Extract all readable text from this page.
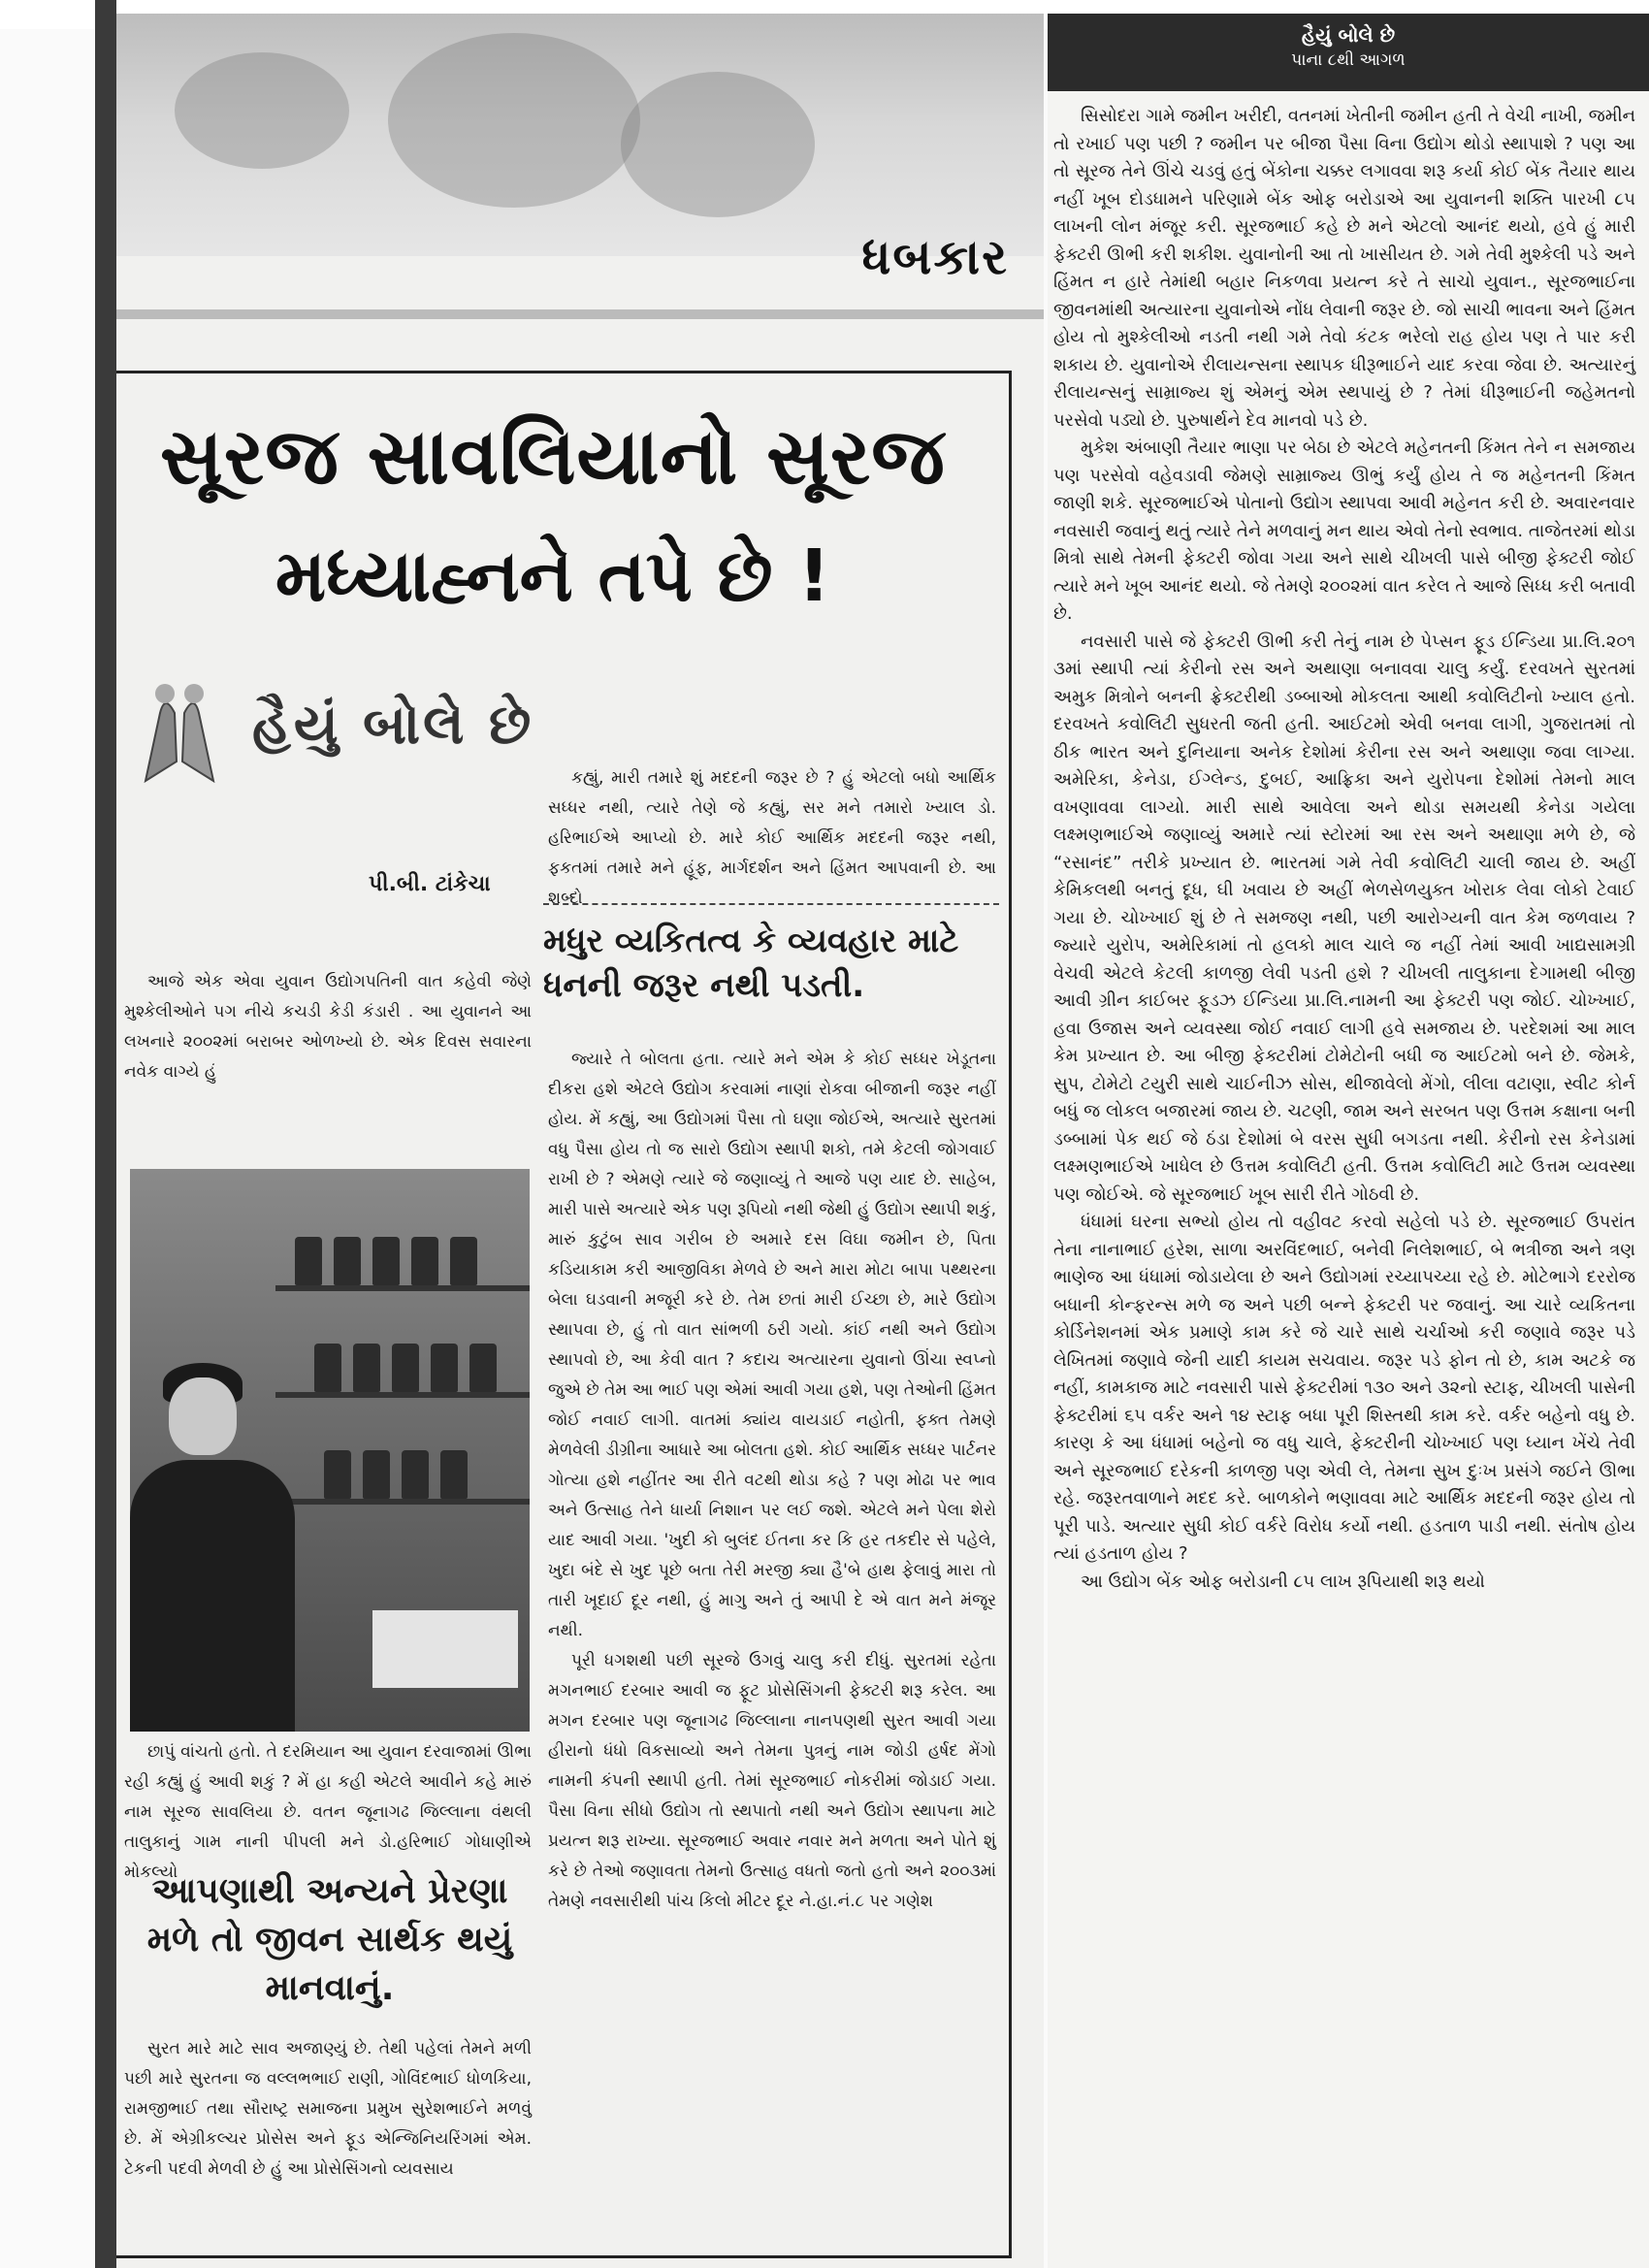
ધબકાર
સૂરજ સાવલિયાનો સૂરજ
મધ્યાહ્નને તપે છે !
હૈયું બોલે છે
પી.બી. ટાંકેચા

આજે એક એવા યુવાન ઉદ્યોગપતિની વાત કહેવી જેણે મુશ્કેલીઓને પગ નીચે કચડી કેડી કંડારી . આ યુવાનને આ લખનારે ૨૦૦૨માં બરાબર ઓળખ્યો છે. એક દિવસ સવારના નવેક વાગ્યે હું

છાપું વાંચતો હતો. તે દરમિયાન આ યુવાન દરવાજામાં ઊભા રહી કહ્યું હું આવી શકું ? મેં હા કહી એટલે આવીને કહે મારું નામ સૂરજ સાવલિયા છે. વતન જૂનાગઢ જિલ્લાના વંથલી તાલુકાનું ગામ નાની પીપલી મને ડો.હરિભાઈ ગોધાણીએ મોકલ્યો

આપણાથી અન્યને પ્રેરણા મળે તો જીવન સાર્થક થયું માનવાનું.

સુરત મારે માટે સાવ અજાણ્યું છે. તેથી પહેલાં તેમને મળી પછી મારે સુરતના જ વલ્લભભાઈ રાણી, ગોવિંદભાઈ ધોળકિયા, રામજીભાઈ તથા સૌરાષ્ટ્ર સમાજના પ્રમુખ સુરેશભાઈને મળવું છે. મેં એગ્રીકલ્ચર પ્રોસેસ અને ફૂડ એન્જિનિયરિંગમાં એમ. ટેકની પદવી મેળવી છે હું આ પ્રોસેસિંગનો વ્યવસાય

કહ્યું, મારી તમારે શું મદદની જરૂર છે ? હું એટલો બધો આર્થિક સધ્ધર નથી, ત્યારે તેણે જે કહ્યું, સર મને તમારો ખ્યાલ ડો. હરિભાઈએ આપ્યો છે. મારે કોઈ આર્થિક મદદની જરૂર નથી, ફકતમાં તમારે મને હૂંફ, માર્ગદર્શન અને હિંમત આપવાની છે. આ શબ્દો

મધુર વ્યકિતત્વ કે વ્યવહાર માટે ધનની જરૂર નથી પડતી.

જ્યારે તે બોલતા હતા. ત્યારે મને એમ કે કોઈ સધ્ધર ખેડૂતના દીકરા હશે એટલે ઉદ્યોગ કરવામાં નાણાં રોકવા બીજાની જરૂર નહીં હોય. મેં કહ્યું, આ ઉદ્યોગમાં પૈસા તો ઘણા જોઈએ, અત્યારે સુરતમાં વધુ પૈસા હોય તો જ સારો ઉદ્યોગ સ્થાપી શકો, તમે કેટલી જોગવાઈ રાખી છે ? એમણે ત્યારે જે જણાવ્યું તે આજે પણ યાદ છે. સાહેબ, મારી પાસે અત્યારે એક પણ રૂપિયો નથી જેથી હું ઉદ્યોગ સ્થાપી શકું, મારું કુટુંબ સાવ ગરીબ છે અમારે દસ વિઘા જમીન છે, પિતા કડિયાકામ કરી આજીવિકા મેળવે છે અને મારા મોટા બાપા પથ્થરના બેલા ઘડવાની મજૂરી કરે છે. તેમ છતાં મારી ઈચ્છા છે, મારે ઉદ્યોગ સ્થાપવા છે, હું તો વાત સાંભળી ઠરી ગયો. કાંઈ નથી અને ઉદ્યોગ સ્થાપવો છે, આ કેવી વાત ? કદાચ અત્યારના યુવાનો ઊંચા સ્વપ્નો જુએ છે તેમ આ ભાઈ પણ એમાં આવી ગયા હશે, પણ તેઓની હિંમત જોઈ નવાઈ લાગી. વાતમાં ક્યાંય વાયડાઈ નહોતી, ફક્ત તેમણે મેળવેલી ડીગ્રીના આધારે આ બોલતા હશે. કોઈ આર્થિક સધ્ધર પાર્ટનર ગોત્યા હશે નહીંતર આ રીતે વટથી થોડા કહે ? પણ મોઢા પર ભાવ અને ઉત્સાહ તેને ધાર્યા નિશાન પર લઈ જશે. એટલે મને પેલા શેરો યાદ આવી ગયા. 'ખુદી કો બુલંદ ઈતના કર કિ હર તકદીર સે પહેલે, ખુદા બંદે સે ખુદ પૂછે બતા તેરી મરજી ક્યા હૈ'બે હાથ ફેલાવું મારા તો તારી ખૂદાઈ દૂર નથી, હું માગુ અને તું આપી દે એ વાત મને મંજૂર નથી.

પૂરી ધગશથી પછી સૂરજે ઉગવું ચાલુ કરી દીધું. સુરતમાં રહેતા મગનભાઈ દરબાર આવી જ ફૂટ પ્રોસેસિંગની ફેક્ટરી શરૂ કરેલ. આ મગન દરબાર પણ જૂનાગઢ જિલ્લાના નાનપણથી સુરત આવી ગયા હીરાનો ધંધો વિકસાવ્યો અને તેમના પુત્રનું નામ જોડી હર્ષદ મેંગો નામની કંપની સ્થાપી હતી. તેમાં સૂરજભાઈ નોકરીમાં જોડાઈ ગયા. પૈસા વિના સીધો ઉદ્યોગ તો સ્થપાતો નથી અને ઉદ્યોગ સ્થાપના માટે પ્રયત્ન શરૂ રાખ્યા. સૂરજભાઈ અવાર નવાર મને મળતા અને પોતે શું કરે છે તેઓ જણાવતા તેમનો ઉત્સાહ વધતો જતો હતો અને ૨૦૦૩માં તેમણે નવસારીથી પાંચ કિલો મીટર દૂર ને.હા.નં.૮ પર ગણેશ

હૈયું બોલે છે
પાના ૮થી આગળ

સિસોદરા ગામે જમીન ખરીદી, વતનમાં ખેતીની જમીન હતી તે વેચી નાખી, જમીન તો રખાઈ પણ પછી ? જમીન પર બીજા પૈસા વિના ઉદ્યોગ થોડો સ્થાપાશે ? પણ આ તો સૂરજ તેને ઊંચે ચડવું હતું બેંકોના ચક્કર લગાવવા શરૂ કર્યા કોઈ બેંક તૈયાર થાય નહીં ખૂબ દોડધામને પરિણામે બેંક ઓફ બરોડાએ આ યુવાનની શક્તિ પારખી ૮૫ લાખની લોન મંજૂર કરી. સૂરજભાઈ કહે છે મને એટલો આનંદ થયો, હવે હું મારી ફેક્ટરી ઊભી કરી શકીશ. યુવાનોની આ તો ખાસીયત છે. ગમે તેવી મુશ્કેલી પડે અને હિંમત ન હારે તેમાંથી બહાર નિકળવા પ્રયત્ન કરે તે સાચો યુવાન., સૂરજભાઈના જીવનમાંથી અત્યારના યુવાનોએ નોંધ લેવાની જરૂર છે. જો સાચી ભાવના અને હિંમત હોય તો મુશ્કેલીઓ નડતી નથી ગમે તેવો કંટક ભરેલો રાહ હોય પણ તે પાર કરી શકાય છે. યુવાનોએ રીલાયન્સના સ્થાપક ધીરૂભાઈને યાદ કરવા જેવા છે. અત્યારનું રીલાયન્સનું સામ્રાજ્ય શું એમનું એમ સ્થપાયું છે ? તેમાં ધીરૂભાઈની જહેમતનો પરસેવો પડ્યો છે. પુરુષાર્થને દેવ માનવો પડે છે.

મુકેશ અંબાણી તૈયાર ભાણા પર બેઠા છે એટલે મહેનતની કિંમત તેને ન સમજાય પણ પરસેવો વહેવડાવી જેમણે સામ્રાજ્ય ઊભું કર્યું હોય તે જ મહેનતની કિંમત જાણી શકે. સૂરજભાઈએ પોતાનો ઉદ્યોગ સ્થાપવા આવી મહેનત કરી છે. અવારનવાર નવસારી જવાનું થતું ત્યારે તેને મળવાનું મન થાય એવો તેનો સ્વભાવ. તાજેતરમાં થોડા મિત્રો સાથે તેમની ફેક્ટરી જોવા ગયા અને સાથે ચીખલી પાસે બીજી ફેક્ટરી જોઈ ત્યારે મને ખૂબ આનંદ થયો. જે તેમણે ૨૦૦૨માં વાત કરેલ તે આજે સિધ્ધ કરી બતાવી છે.

નવસારી પાસે જે ફેક્ટરી ઊભી કરી તેનું નામ છે પેપ્સન ફૂડ ઈન્ડિયા પ્રા.લિ.૨૦૧ ૩માં સ્થાપી ત્યાં કેરીનો રસ અને અથાણા બનાવવા ચાલુ કર્યું. દરવખતે સુરતમાં અમુક મિત્રોને બનની ફ્રેક્ટરીથી ડબ્બાઓ મોકલતા આથી કવોલિટીનો ખ્યાલ હતો. દરવખતે કવોલિટી સુધરતી જતી હતી. આઈટમો એવી બનવા લાગી, ગુજરાતમાં તો ઠીક ભારત અને દુનિયાના અનેક દેશોમાં કેરીના રસ અને અથાણા જવા લાગ્યા. અમેરિકા, કેનેડા, ઈગ્લેન્ડ, દુબઈ, આફ્રિકા અને યુરોપના દેશોમાં તેમનો માલ વખણાવવા લાગ્યો. મારી સાથે આવેલા અને થોડા સમયથી કેનેડા ગયેલા લક્ષ્મણભાઈએ જણાવ્યું અમારે ત્યાં સ્ટોરમાં આ રસ અને અથાણા મળે છે, જે “રસાનંદ” તરીકે પ્રખ્યાત છે. ભારતમાં ગમે તેવી કવોલિટી ચાલી જાય છે. અહીં કેમિકલથી બનતું દૂધ, ઘી ખવાય છે અહીં ભેળસેળયુક્ત ખોરાક લેવા લોકો ટેવાઈ ગયા છે. ચોખ્ખાઈ શું છે તે સમજણ નથી, પછી આરોગ્યની વાત કેમ જળવાય ? જ્યારે યુરોપ, અમેરિકામાં તો હલકો માલ ચાલે જ નહીં તેમાં આવી ખાદ્યસામગ્રી વેચવી એટલે કેટલી કાળજી લેવી પડતી હશે ? ચીખલી તાલુકાના દેગામથી બીજી આવી ગ્રીન કાઈબર ફૂડઝ ઈન્ડિયા પ્રા.લિ.નામની આ ફેક્ટરી પણ જોઈ. ચોખ્ખાઈ, હવા ઉજાસ અને વ્યવસ્થા જોઈ નવાઈ લાગી હવે સમજાય છે. પરદેશમાં આ માલ કેમ પ્રખ્યાત છે. આ બીજી ફેક્ટરીમાં ટોમેટોની બધી જ આઈટમો બને છે. જેમકે, સુપ, ટોમેટો ટયુરી સાથે ચાઈનીઝ સોસ, થીજાવેલો મેંગો, લીલા વટાણા, સ્વીટ કોર્ન બધું જ લોકલ બજારમાં જાય છે. ચટણી, જામ અને સરબત પણ ઉત્તમ કક્ષાના બની ડબ્બામાં પેક થઈ જે ઠંડા દેશોમાં બે વરસ સુધી બગડતા નથી. કેરીનો રસ કેનેડામાં લક્ષ્મણભાઈએ ખાધેલ છે ઉત્તમ કવોલિટી હતી. ઉત્તમ કવોલિટી માટે ઉત્તમ વ્યવસ્થા પણ જોઈએ. જે સૂરજભાઈ ખૂબ સારી રીતે ગોઠવી છે.

ધંધામાં ઘરના સભ્યો હોય તો વહીવટ કરવો સહેલો પડે છે. સૂરજભાઈ ઉપરાંત તેના નાનાભાઈ હરેશ, સાળા અરવિંદભાઈ, બનેવી નિલેશભાઈ, બે ભત્રીજા અને ત્રણ ભાણેજ આ ધંધામાં જોડાયેલા છે અને ઉદ્યોગમાં રચ્યાપચ્યા રહે છે. મોટેભાગે દરરોજ બધાની કોન્ફરન્સ મળે જ અને પછી બન્ને ફેક્ટરી પર જવાનું. આ ચારે વ્યકિતના કોર્ડિનેશનમાં એક પ્રમાણે કામ કરે જે ચારે સાથે ચર્ચાઓ કરી જણાવે જરૂર પડે લેખિતમાં જણાવે જેની યાદી કાયમ સચવાય. જરૂર પડે ફોન તો છે, કામ અટકે જ નહીં, કામકાજ માટે નવસારી પાસે ફેક્ટરીમાં ૧૩૦ અને ૩૨નો સ્ટાફ, ચીખલી પાસેની ફેક્ટરીમાં ૬૫ વર્કર અને ૧૪ સ્ટાફ બધા પૂરી શિસ્તથી કામ કરે. વર્કર બહેનો વધુ છે. કારણ કે આ ધંધામાં બહેનો જ વધુ ચાલે, ફેક્ટરીની ચોખ્ખાઈ પણ ધ્યાન ખેંચે તેવી અને સૂરજભાઈ દરેકની કાળજી પણ એવી લે, તેમના સુખ દુઃખ પ્રસંગે જઈને ઊભા રહે. જરૂરતવાળાને મદદ કરે. બાળકોને ભણાવવા માટે આર્થિક મદદની જરૂર હોય તો પૂરી પાડે. અત્યાર સુધી કોઈ વર્કરે વિરોધ કર્યો નથી. હડતાળ પાડી નથી. સંતોષ હોય ત્યાં હડતાળ હોય ?

આ ઉદ્યોગ બેંક ઓફ બરોડાની ૮૫ લાખ રૂપિયાથી શરૂ થયો
